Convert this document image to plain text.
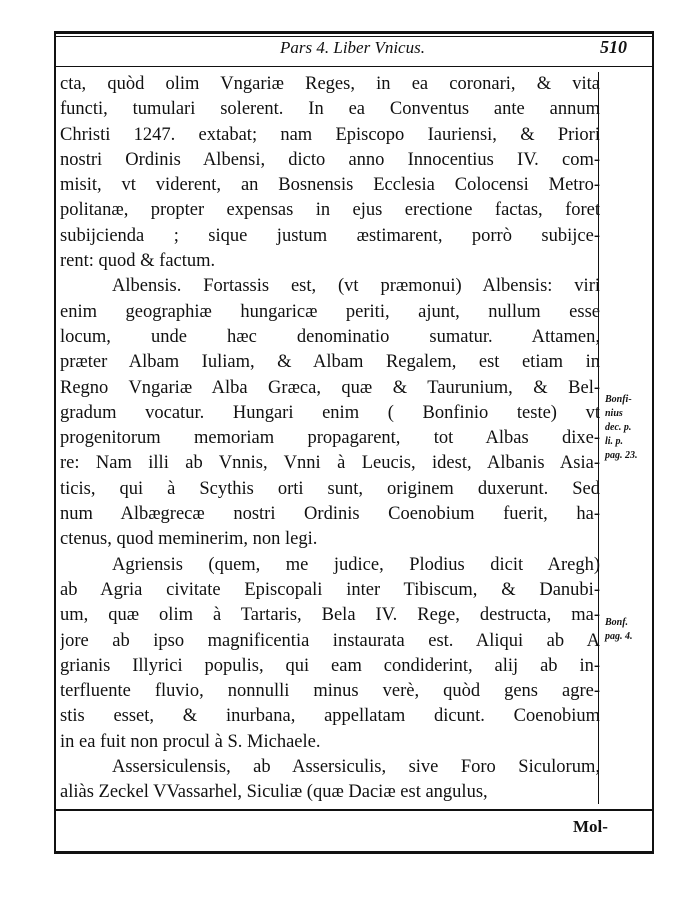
Pars 4. Liber Vnicus.	510
cta, quòd olim Vngariæ Reges, in ea coronari, & vita
functi, tumulari solerent. In ea Conventus ante annum
Christi 1247. extabat; nam Episcopo Iauriensi, & Priori
nostri Ordinis Albensi, dicto anno Innocentius IV. com-
misit, vt viderent, an Bosnensis Ecclesia Colocensi Metro-
politanæ, propter expensas in ejus erectione factas, foret
subijcienda ; sique justum æstimarent, porrò subijce-
rent: quod & factum.
Albensis. Fortassis est, (vt præmonui) Albensis: viri
enim geographiæ hungaricæ periti, ajunt, nullum esse
locum, unde hæc denominatio sumatur. Attamen,
præter Albam Iuliam, & Albam Regalem, est etiam in
Regno Vngariæ Alba Græca, quæ & Taurunium, & Bel-
gradum vocatur. Hungari enim ( Bonfinio teste) vt
progenitorum memoriam propagarent, tot Albas dixe-
re: Nam illi ab Vnnis, Vnni à Leucis, idest, Albanis Asia-
ticis, qui à Scythis orti sunt, originem duxerunt. Sed
num Albægrecæ nostri Ordinis Coenobium fuerit, ha-
ctenus, quod meminerim, non legi.
Agriensis (quem, me judice, Plodius dicit Aregh)
ab Agria civitate Episcopali inter Tibiscum, & Danubi-
um, quæ olim à Tartaris, Bela IV. Rege, destructa, ma-
jore ab ipso magnificentia instaurata est. Aliqui ab A
grianis Illyrici populis, qui eam condiderint, alij ab in-
terfluente fluvio, nonnulli minus verè, quòd gens agre-
stis esset, & inurbana, appellatam dicunt. Coenobium
in ea fuit non procul à S. Michaele.
Assersiculensis, ab Assersiculis, sive Foro Siculorum,
aliàs Zeckel VVassarhel, Siculiæ (quæ Daciæ est angulus,
Bonfi-
nius
dec. p.
li. p.
pag. 23.
Bonf.
pag. 4.
Mol-
